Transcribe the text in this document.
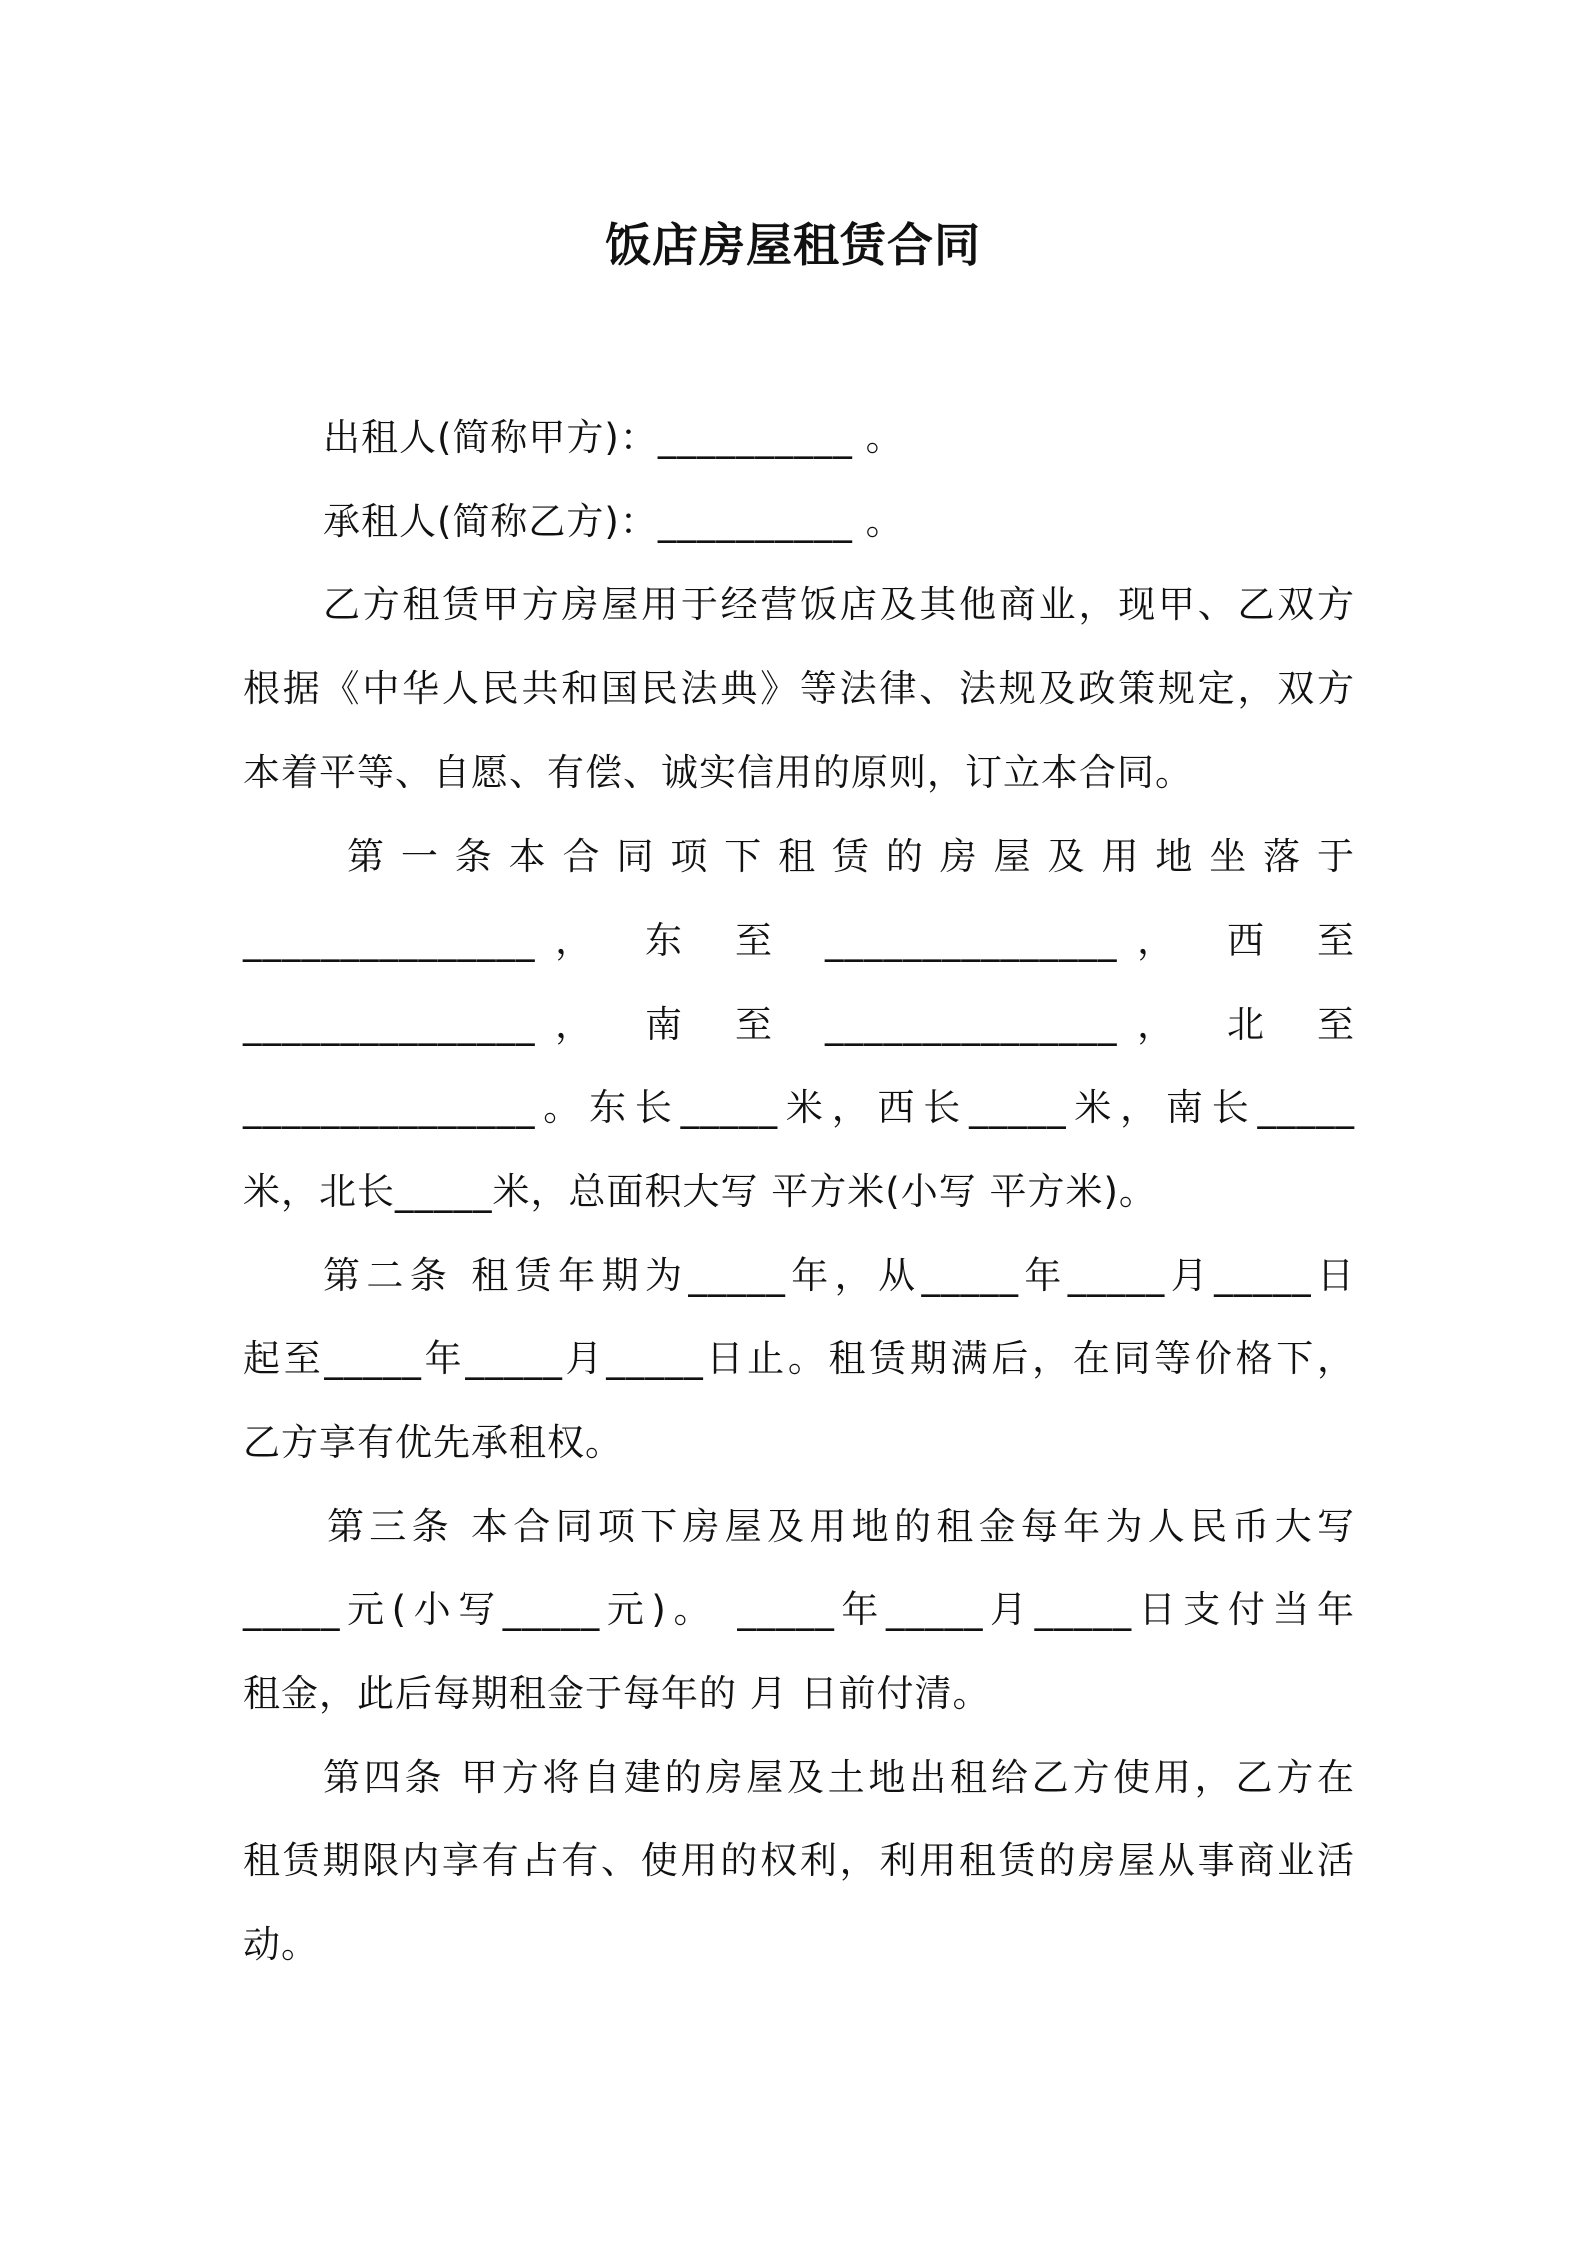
饭店房屋租赁合同
出租人(简称甲方)：__________ 。
承租人(简称乙方)：__________ 。
乙方租赁甲方房屋用于经营饭店及其他商业，现甲、乙双方
根据《中华人民共和国民法典》等法律、法规及政策规定，双方
本着平等、自愿、有偿、诚实信用的原则，订立本合同。
第 一 条 本 合 同 项 下 租 赁 的 房 屋 及 用 地 坐 落 于
_______________， 东 至 _______________， 西 至
_______________， 南 至 _______________， 北 至
_______________。东长_____米，西长_____米，南长_____
米，北长_____米，总面积大写 平方米(小写 平方米)。
第二条 租赁年期为_____年，从_____年_____月_____日
起至_____年_____月_____日止。租赁期满后，在同等价格下，
乙方享有优先承租权。
第三条 本合同项下房屋及用地的租金每年为人民币大写
_____元(小写_____元)。 _____年_____月_____日支付当年
租金，此后每期租金于每年的 月 日前付清。
第四条 甲方将自建的房屋及土地出租给乙方使用，乙方在
租赁期限内享有占有、使用的权利，利用租赁的房屋从事商业活
动。
